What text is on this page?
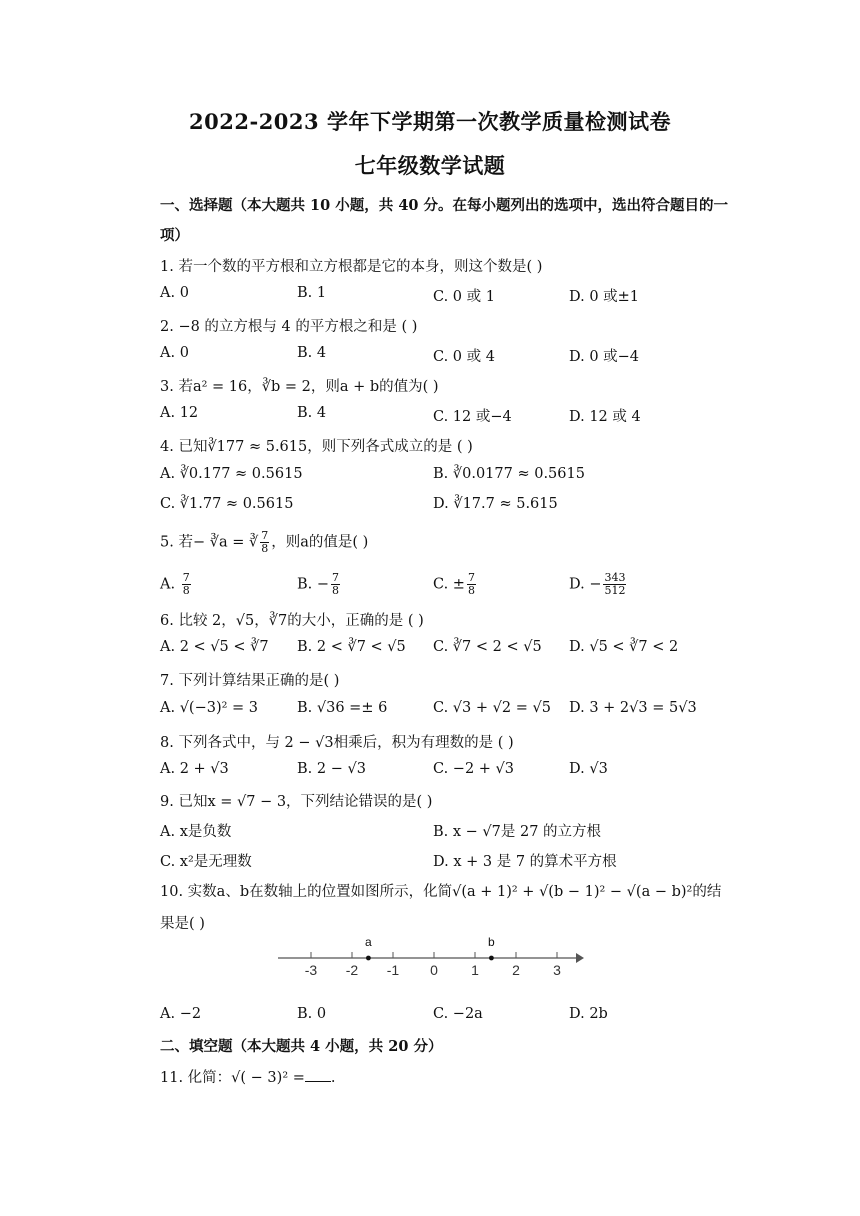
2022-2023 学年下学期第一次教学质量检测试卷
七年级数学试题
一、选择题（本大题共 10 小题，共 40 分。在每小题列出的选项中，选出符合题目的一
项）
1. 若一个数的平方根和立方根都是它的本身，则这个数是( )
A. 0	B. 1	C. 0 或 1	D. 0 或±1
2. −8 的立方根与 4 的平方根之和是 ( )
A. 0	B. 4	C. 0 或 4	D. 0 或−4
3. 若a² = 16，∛b = 2，则a + b的值为( )
A. 12	B. 4	C. 12 或−4	D. 12 或 4
4. 已知∛177 ≈ 5.615，则下列各式成立的是 ( )
A. ∛0.177 ≈ 0.5615	B. ∛0.0177 ≈ 0.5615
C. ∛1.77 ≈ 0.5615	D. ∛17.7 ≈ 5.615
5. 若− ∛a = ∛ $\frac{7}{8}$ ，则a的值是( )
A. $\frac{7}{8}$	B. − $\frac{7}{8}$	C. ± $\frac{7}{8}$	D. − $\frac{343}{512}$
6. 比较 2，√5，∛7的大小，正确的是 ( )
A. 2 < √5 < ∛7 B. 2 < ∛7 < √5 C. ∛7 < 2 < √5 D. √5 < ∛7 < 2
7. 下列计算结果正确的是( )
A. √(−3)² = 3	B. √36 =± 6	C. √3 + √2 = √5 D. 3 + 2√3 = 5√3
8. 下列各式中，与 2 − √3相乘后，积为有理数的是 ( )
A. 2 + √3	B. 2 − √3	C. −2 + √3	D. √3
9. 已知x = √7 − 3，下列结论错误的是( )
A. x是负数	B. x − √7是 27 的立方根
C. x²是无理数	D. x + 3 是 7 的算术平方根
10. 实数a、b在数轴上的位置如图所示，化简√(a + 1)² + √(b − 1)² − √(a − b)²的结
果是( )
-3 -2 -1 0 1 2 3
a	b
A. −2	B. 0	C. −2a	D. 2b
二、填空题（本大题共 4 小题，共 20 分）
11. 化简：√( − 3)² = .
